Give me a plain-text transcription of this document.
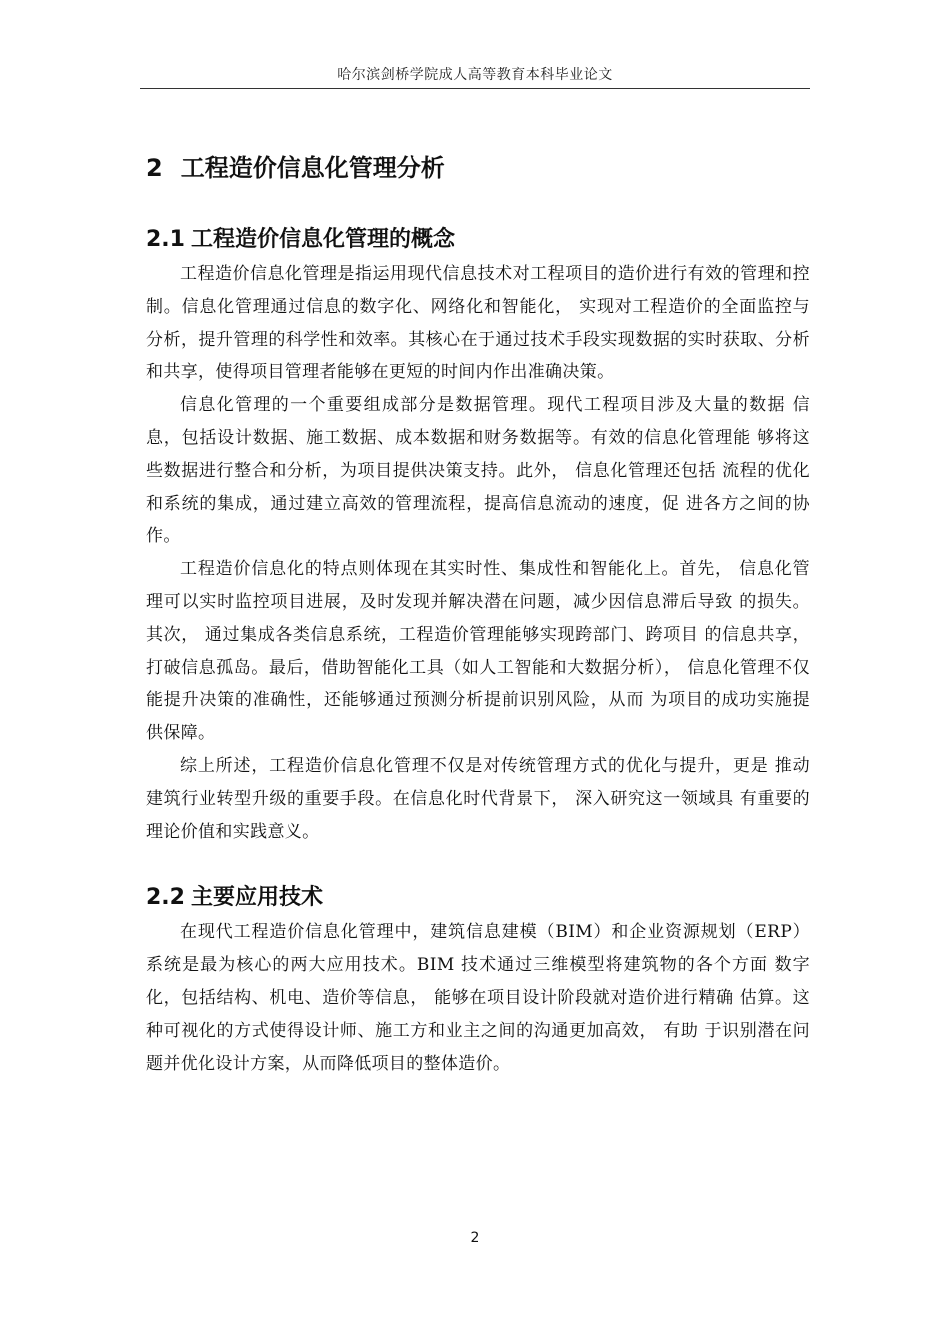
哈尔滨剑桥学院成人高等教育本科毕业论文
2 工程造价信息化管理分析
2.1 工程造价信息化管理的概念

工程造价信息化管理是指运用现代信息技术对工程项目的造价进行有效的管理和控制。信息化管理通过信息的数字化、网络化和智能化， 实现对工程造价的全面监控与分析，提升管理的科学性和效率。其核心在于通过技术手段实现数据的实时获取、分析和共享，使得项目管理者能够在更短的时间内作出准确决策。

信息化管理的一个重要组成部分是数据管理。现代工程项目涉及大量的数据 信息，包括设计数据、施工数据、成本数据和财务数据等。有效的信息化管理能 够将这些数据进行整合和分析，为项目提供决策支持。此外， 信息化管理还包括 流程的优化和系统的集成，通过建立高效的管理流程，提高信息流动的速度，促 进各方之间的协作。

工程造价信息化的特点则体现在其实时性、集成性和智能化上。首先， 信息化管理可以实时监控项目进展，及时发现并解决潜在问题，减少因信息滞后导致 的损失。其次， 通过集成各类信息系统，工程造价管理能够实现跨部门、跨项目 的信息共享，打破信息孤岛。最后，借助智能化工具（如人工智能和大数据分析）， 信息化管理不仅能提升决策的准确性，还能够通过预测分析提前识别风险，从而 为项目的成功实施提供保障。

综上所述，工程造价信息化管理不仅是对传统管理方式的优化与提升，更是 推动建筑行业转型升级的重要手段。在信息化时代背景下， 深入研究这一领域具 有重要的理论价值和实践意义。

2.2 主要应用技术

在现代工程造价信息化管理中，建筑信息建模（BIM）和企业资源规划（ERP） 系统是最为核心的两大应用技术。BIM 技术通过三维模型将建筑物的各个方面 数字化，包括结构、机电、造价等信息， 能够在项目设计阶段就对造价进行精确 估算。这种可视化的方式使得设计师、施工方和业主之间的沟通更加高效， 有助 于识别潜在问题并优化设计方案，从而降低项目的整体造价。

2
